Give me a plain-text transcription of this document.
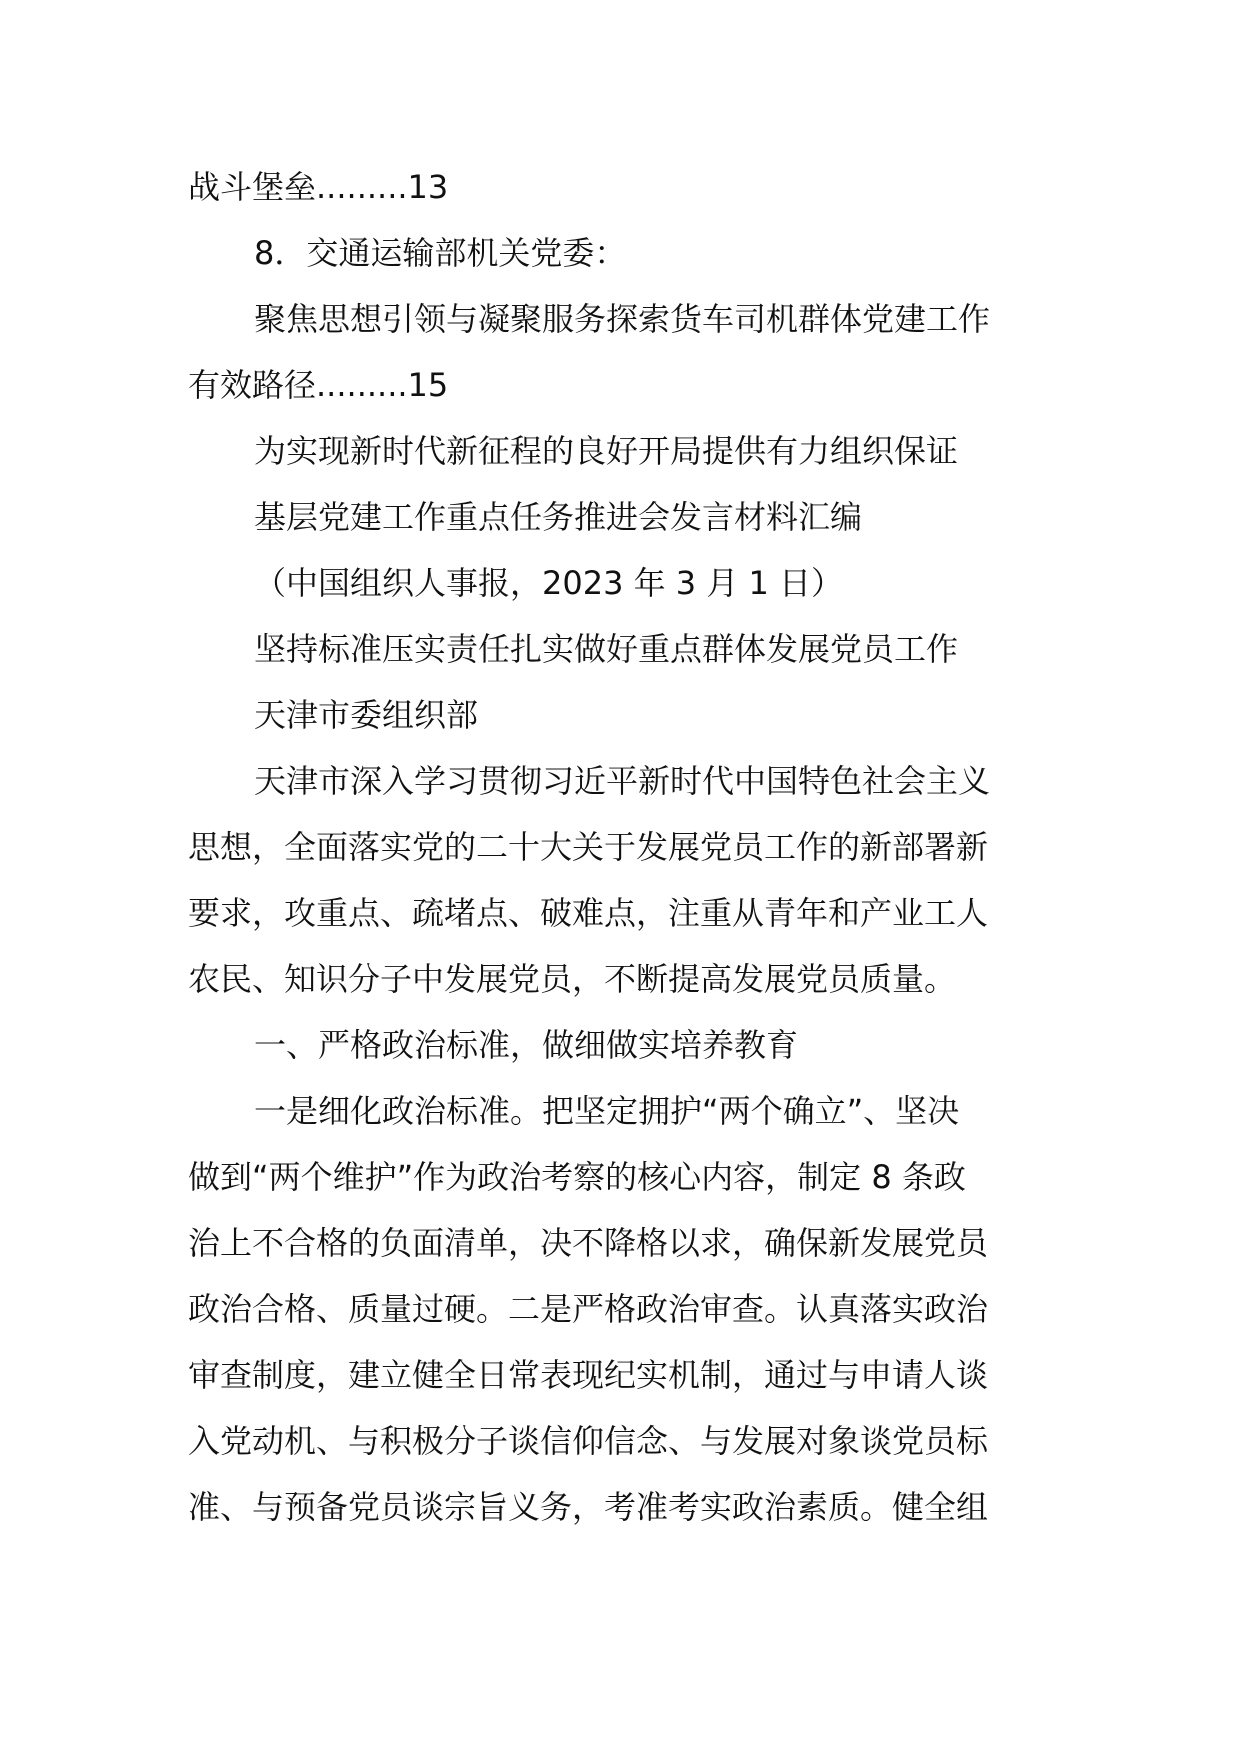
战斗堡垒.........13
8．交通运输部机关党委：
聚焦思想引领与凝聚服务探索货车司机群体党建工作
有效路径.........15
为实现新时代新征程的良好开局提供有力组织保证
基层党建工作重点任务推进会发言材料汇编
（中国组织人事报，2023 年 3 月 1 日）
坚持标准压实责任扎实做好重点群体发展党员工作
天津市委组织部
天津市深入学习贯彻习近平新时代中国特色社会主义
思想，全面落实党的二十大关于发展党员工作的新部署新
要求，攻重点、疏堵点、破难点，注重从青年和产业工人
农民、知识分子中发展党员，不断提高发展党员质量。
一、严格政治标准，做细做实培养教育
一是细化政治标准。把坚定拥护“两个确立”、坚决
做到“两个维护”作为政治考察的核心内容，制定 8 条政
治上不合格的负面清单，决不降格以求，确保新发展党员
政治合格、质量过硬。二是严格政治审查。认真落实政治
审查制度，建立健全日常表现纪实机制，通过与申请人谈
入党动机、与积极分子谈信仰信念、与发展对象谈党员标
准、与预备党员谈宗旨义务，考准考实政治素质。健全组
